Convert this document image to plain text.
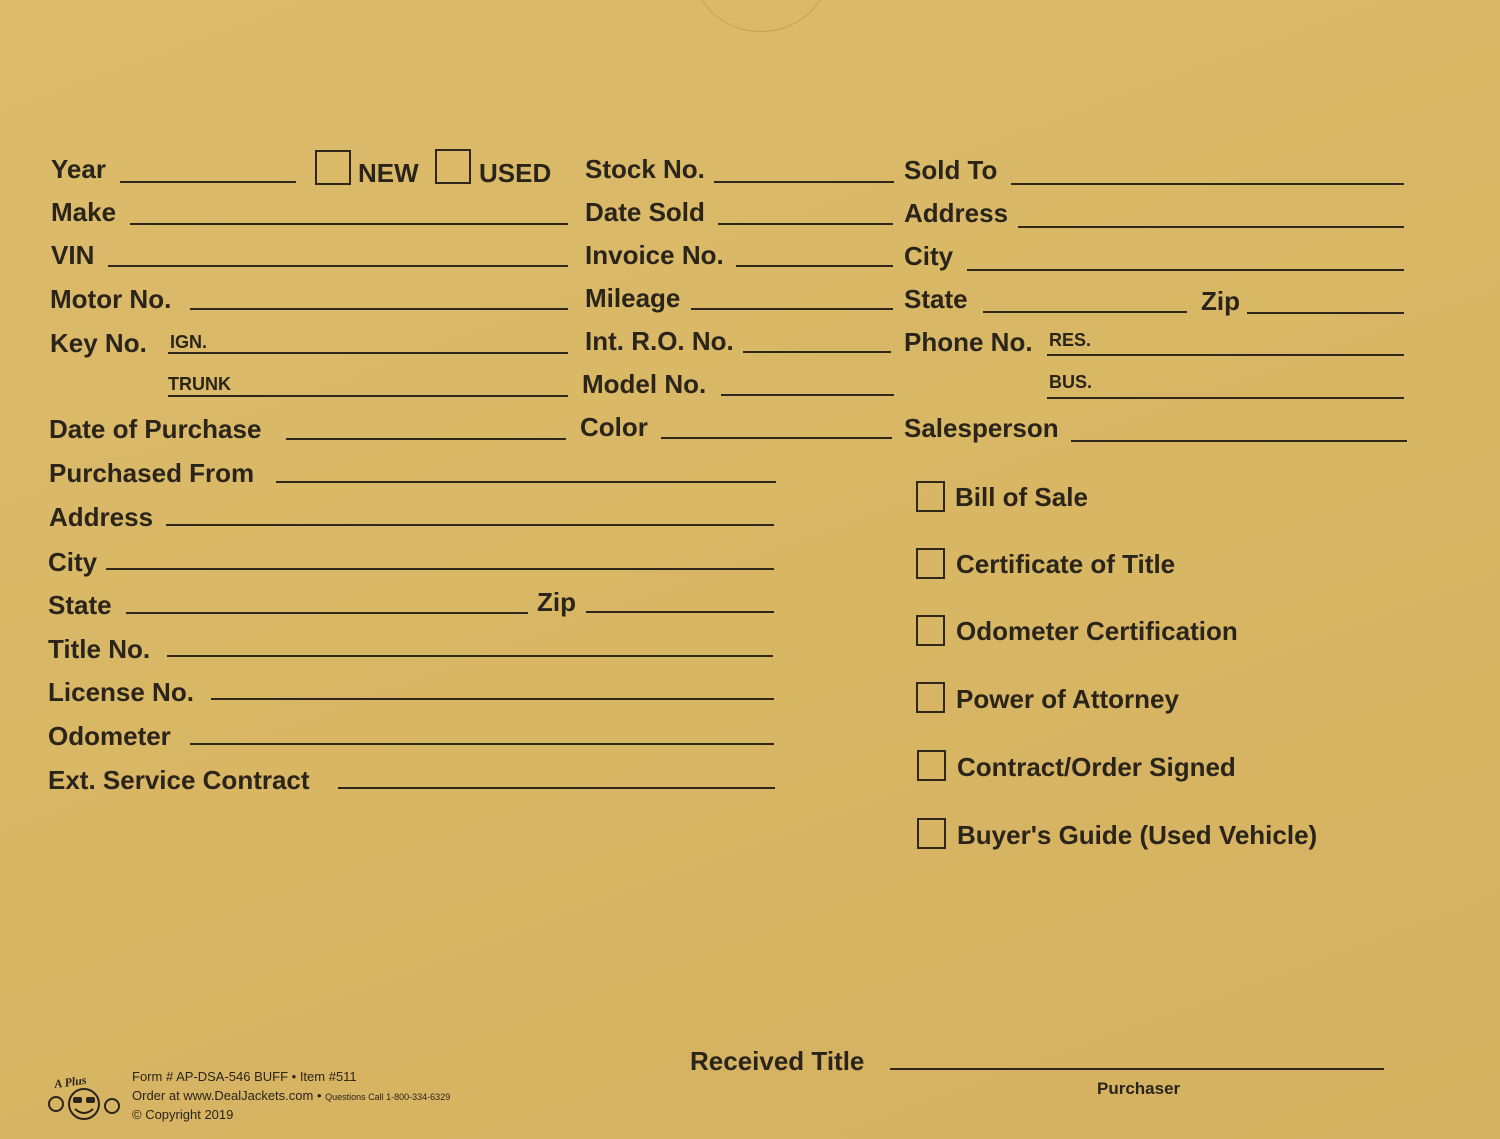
Year	NEW USED
Make
VIN
Motor No.
Key No. IGN.
TRUNK
Date of Purchase
Purchased From
Address
City
State	Zip
Title No.
License No.
Odometer
Ext. Service Contract
Stock No.
Date Sold
Invoice No.
Mileage
Int. R.O. No.
Model No.
Color
Sold To
Address
City
State	Zip
Phone No. RES.
BUS.
Salesperson
Bill of Sale
Certificate of Title
Odometer Certification
Power of Attorney
Contract/Order Signed
Buyer's Guide (Used Vehicle)
Received Title
Purchaser
A Plus	Form # AP-DSA-546 BUFF • Item #511
Order at www.DealJackets.com • Questions Call 1-800-334-6329
© Copyright 2019
